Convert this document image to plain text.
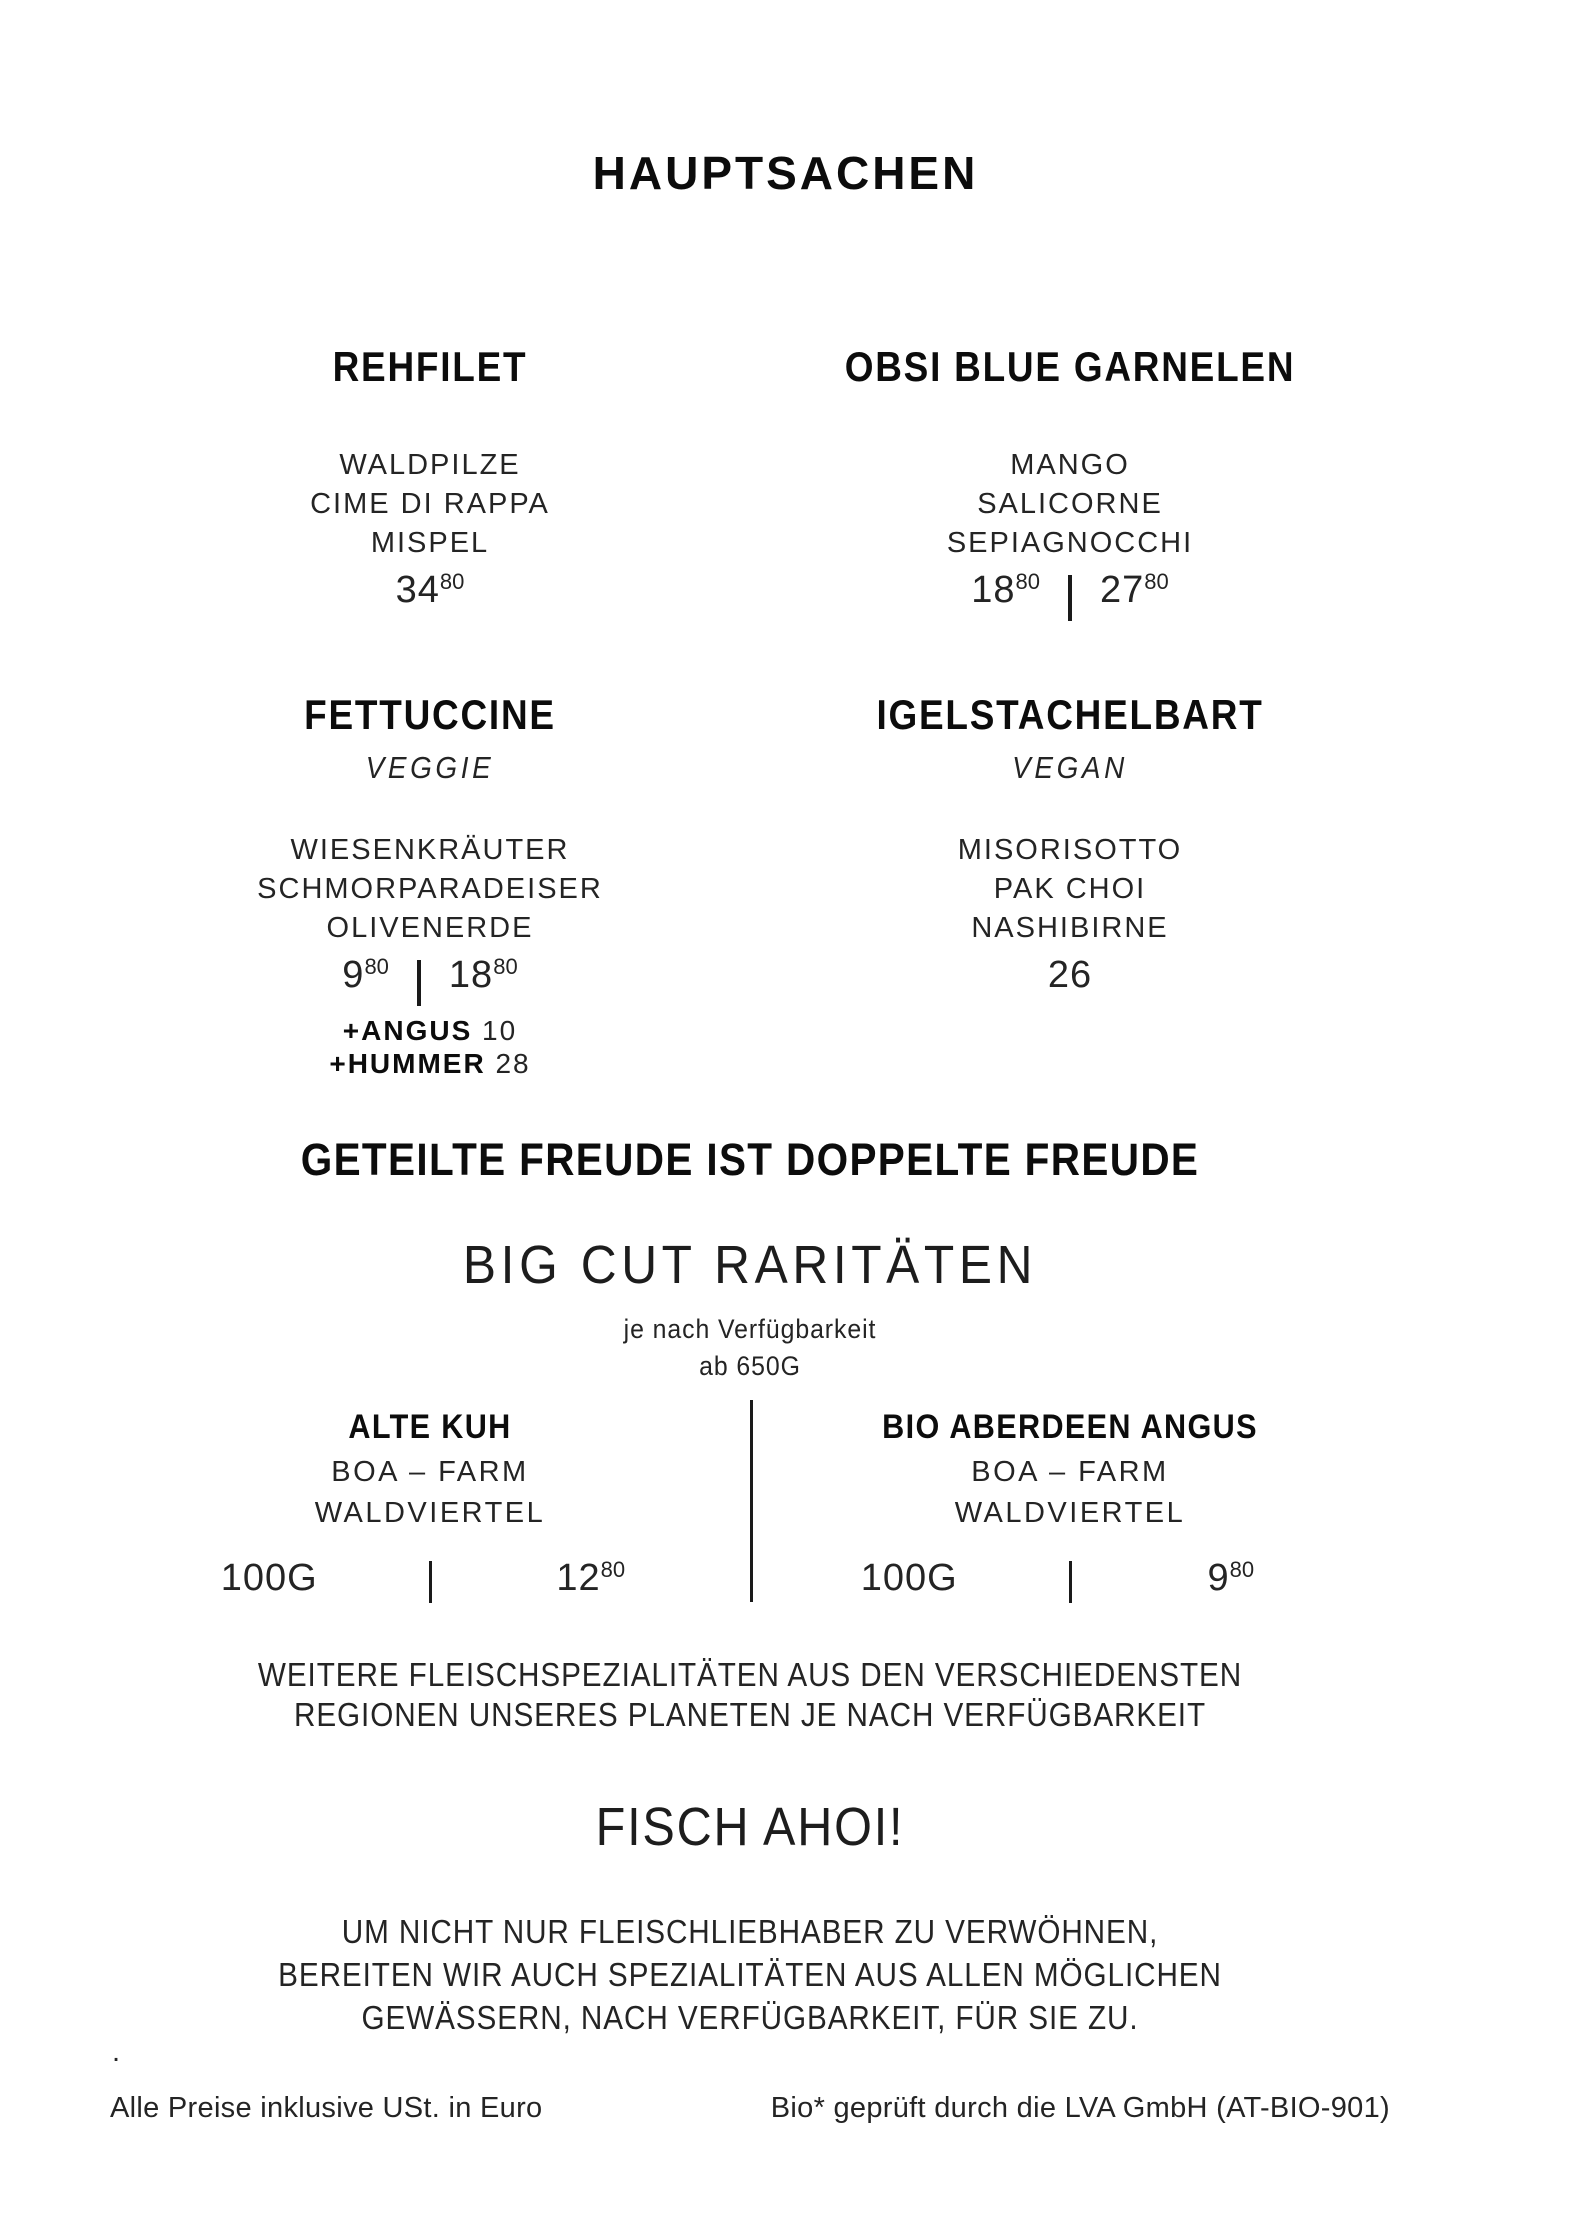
HAUPTSACHEN
REHFILET
WALDPILZE
CIME DI RAPPA
MISPEL
$34^{80}$
OBSI BLUE GARNELEN
MANGO
SALICORNE
SEPIAGNOCCHI
$18^{80}$ $27^{80}$
FETTUCCINE
VEGGIE
WIESENKRÄUTER
SCHMORPARADEISER
OLIVENERDE
$9^{80}$ $18^{80}$
+ANGUS 10
+HUMMER 28
IGELSTACHELBART
VEGAN
MISORISOTTO
PAK CHOI
NASHIBIRNE
26
GETEILTE FREUDE IST DOPPELTE FREUDE
BIG CUT RARITÄTEN
je nach Verfügbarkeit
ab 650G
ALTE KUH
BOA – FARM
WALDVIERTEL
100G	$12^{80}$
BIO ABERDEEN ANGUS
BOA – FARM
WALDVIERTEL
100G	$9^{80}$
WEITERE FLEISCHSPEZIALITÄTEN AUS DEN VERSCHIEDENSTEN
REGIONEN UNSERES PLANETEN JE NACH VERFÜGBARKEIT
FISCH AHOI!
UM NICHT NUR FLEISCHLIEBHABER ZU VERWÖHNEN,
BEREITEN WIR AUCH SPEZIALITÄTEN AUS ALLEN MÖGLICHEN
GEWÄSSERN, NACH VERFÜGBARKEIT, FÜR SIE ZU.
.
Alle Preise inklusive USt. in Euro	Bio* geprüft durch die LVA GmbH (AT-BIO-901)
